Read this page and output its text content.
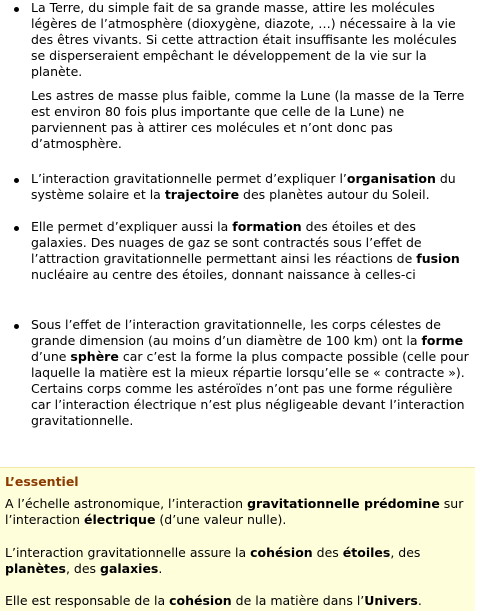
La Terre, du simple fait de sa grande masse, attire les molécules légères de l’atmosphère (dioxygène, diazote, …) nécessaire à la vie des êtres vivants. Si cette attraction était insuffisante les molécules se disperseraient empêchant le développement de la vie sur la planète.

Les astres de masse plus faible, comme la Lune (la masse de la Terre est environ 80 fois plus importante que celle de la Lune) ne parviennent pas à attirer ces molécules et n’ont donc pas d’atmosphère.

L’interaction gravitationnelle permet d’expliquer l’organisation du système solaire et la trajectoire des planètes autour du Soleil.

Elle permet d’expliquer aussi la formation des étoiles et des galaxies. Des nuages de gaz se sont contractés sous l’effet de l’attraction gravitationnelle permettant ainsi les réactions de fusion nucléaire au centre des étoiles, donnant naissance à celles-ci

Sous l’effet de l’interaction gravitationnelle, les corps célestes de grande dimension (au moins d’un diamètre de 100 km) ont la forme d’une sphère car c’est la forme la plus compacte possible (celle pour laquelle la matière est la mieux répartie lorsqu’elle se « contracte »).

Certains corps comme les astéroïdes n’ont pas une forme régulière car l’interaction électrique n’est plus négligeable devant l’interaction gravitationnelle.

L’essentiel

A l’échelle astronomique, l’interaction gravitationnelle prédomine sur l’interaction électrique (d’une valeur nulle).

L’interaction gravitationnelle assure la cohésion des étoiles, des planètes, des galaxies.

Elle est responsable de la cohésion de la matière dans l’Univers.
